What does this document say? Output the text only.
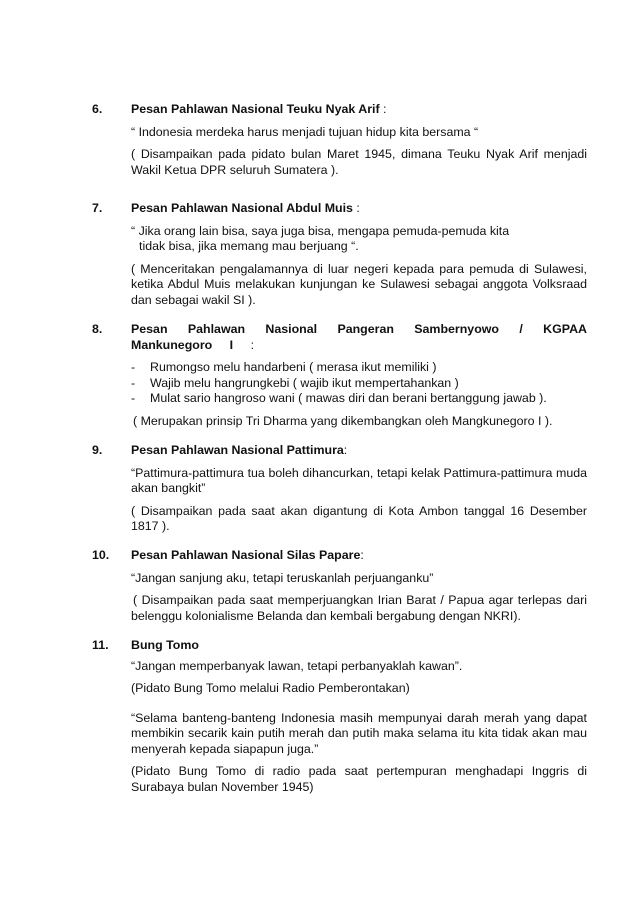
6. Pesan Pahlawan Nasional Teuku Nyak Arif :

“ Indonesia merdeka harus menjadi tujuan hidup kita bersama “

( Disampaikan pada pidato bulan Maret 1945, dimana Teuku Nyak Arif menjadi Wakil Ketua DPR seluruh Sumatera ).

7. Pesan Pahlawan Nasional Abdul Muis :

“ Jika orang lain bisa, saya juga bisa, mengapa pemuda-pemuda kita
tidak bisa, jika memang mau berjuang “.

( Menceritakan pengalamannya di luar negeri kepada para pemuda di Sulawesi, ketika Abdul Muis melakukan kunjungan ke Sulawesi sebagai anggota Volksraad dan sebagai wakil SI ).

8. Pesan Pahlawan Nasional Pangeran Sambernyowo / KGPAA Mankunegoro I :

- Rumongso melu handarbeni ( merasa ikut memiliki )
- Wajib melu hangrungkebi ( wajib ikut mempertahankan )
- Mulat sario hangroso wani ( mawas diri dan berani bertanggung jawab ).

( Merupakan prinsip Tri Dharma yang dikembangkan oleh Mangkunegoro I ).

9. Pesan Pahlawan Nasional Pattimura:

“Pattimura-pattimura tua boleh dihancurkan, tetapi kelak Pattimura-pattimura muda akan bangkit”

( Disampaikan pada saat akan digantung di Kota Ambon tanggal 16 Desember 1817 ).

10. Pesan Pahlawan Nasional Silas Papare:

“Jangan sanjung aku, tetapi teruskanlah perjuanganku”

( Disampaikan pada saat memperjuangkan Irian Barat / Papua agar terlepas dari belenggu kolonialisme Belanda dan kembali bergabung dengan NKRI).

11. Bung Tomo

“Jangan memperbanyak lawan, tetapi perbanyaklah kawan”.

(Pidato Bung Tomo melalui Radio Pemberontakan)

“Selama banteng-banteng Indonesia masih mempunyai darah merah yang dapat membikin secarik kain putih merah dan putih maka selama itu kita tidak akan mau menyerah kepada siapapun juga.”

(Pidato Bung Tomo di radio pada saat pertempuran menghadapi Inggris di Surabaya bulan November 1945)
